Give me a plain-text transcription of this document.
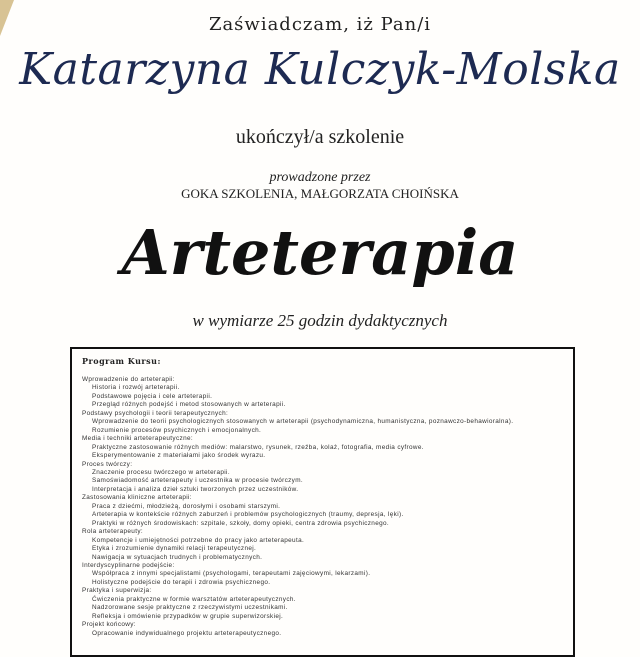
Zaświadczam, iż Pan/i
Katarzyna Kulczyk-Molska
ukończył/a szkolenie
prowadzone przez
GOKA SZKOLENIA, MAŁGORZATA CHOIŃSKA
Arteterapia
w wymiarze 25 godzin dydaktycznych
Program Kursu:
Wprowadzenie do arteterapii:
Historia i rozwój arteterapii.
Podstawowe pojęcia i cele arteterapii.
Przegląd różnych podejść i metod stosowanych w arteterapii.
Podstawy psychologii i teorii terapeutycznych:
Wprowadzenie do teorii psychologicznych stosowanych w arteterapii (psychodynamiczna, humanistyczna, poznawczo-behawioralna).
Rozumienie procesów psychicznych i emocjonalnych.
Media i techniki arteterapeutyczne:
Praktyczne zastosowanie różnych mediów: malarstwo, rysunek, rzeźba, kolaż, fotografia, media cyfrowe.
Eksperymentowanie z materiałami jako środek wyrazu.
Proces twórczy:
Znaczenie procesu twórczego w arteterapii.
Samoświadomość arteterapeuty i uczestnika w procesie twórczym.
Interpretacja i analiza dzieł sztuki tworzonych przez uczestników.
Zastosowania kliniczne arteterapii:
Praca z dziećmi, młodzieżą, dorosłymi i osobami starszymi.
Arteterapia w kontekście różnych zaburzeń i problemów psychologicznych (traumy, depresja, lęki).
Praktyki w różnych środowiskach: szpitale, szkoły, domy opieki, centra zdrowia psychicznego.
Rola arteterapeuty:
Kompetencje i umiejętności potrzebne do pracy jako arteterapeuta.
Etyka i zrozumienie dynamiki relacji terapeutycznej.
Nawigacja w sytuacjach trudnych i problematycznych.
Interdyscyplinarne podejście:
Współpraca z innymi specjalistami (psychologami, terapeutami zajęciowymi, lekarzami).
Holistyczne podejście do terapii i zdrowia psychicznego.
Praktyka i superwizja:
Ćwiczenia praktyczne w formie warsztatów arteterapeutycznych.
Nadzorowane sesje praktyczne z rzeczywistymi uczestnikami.
Refleksja i omówienie przypadków w grupie superwizorskiej.
Projekt końcowy:
Opracowanie indywidualnego projektu arteterapeutycznego.
